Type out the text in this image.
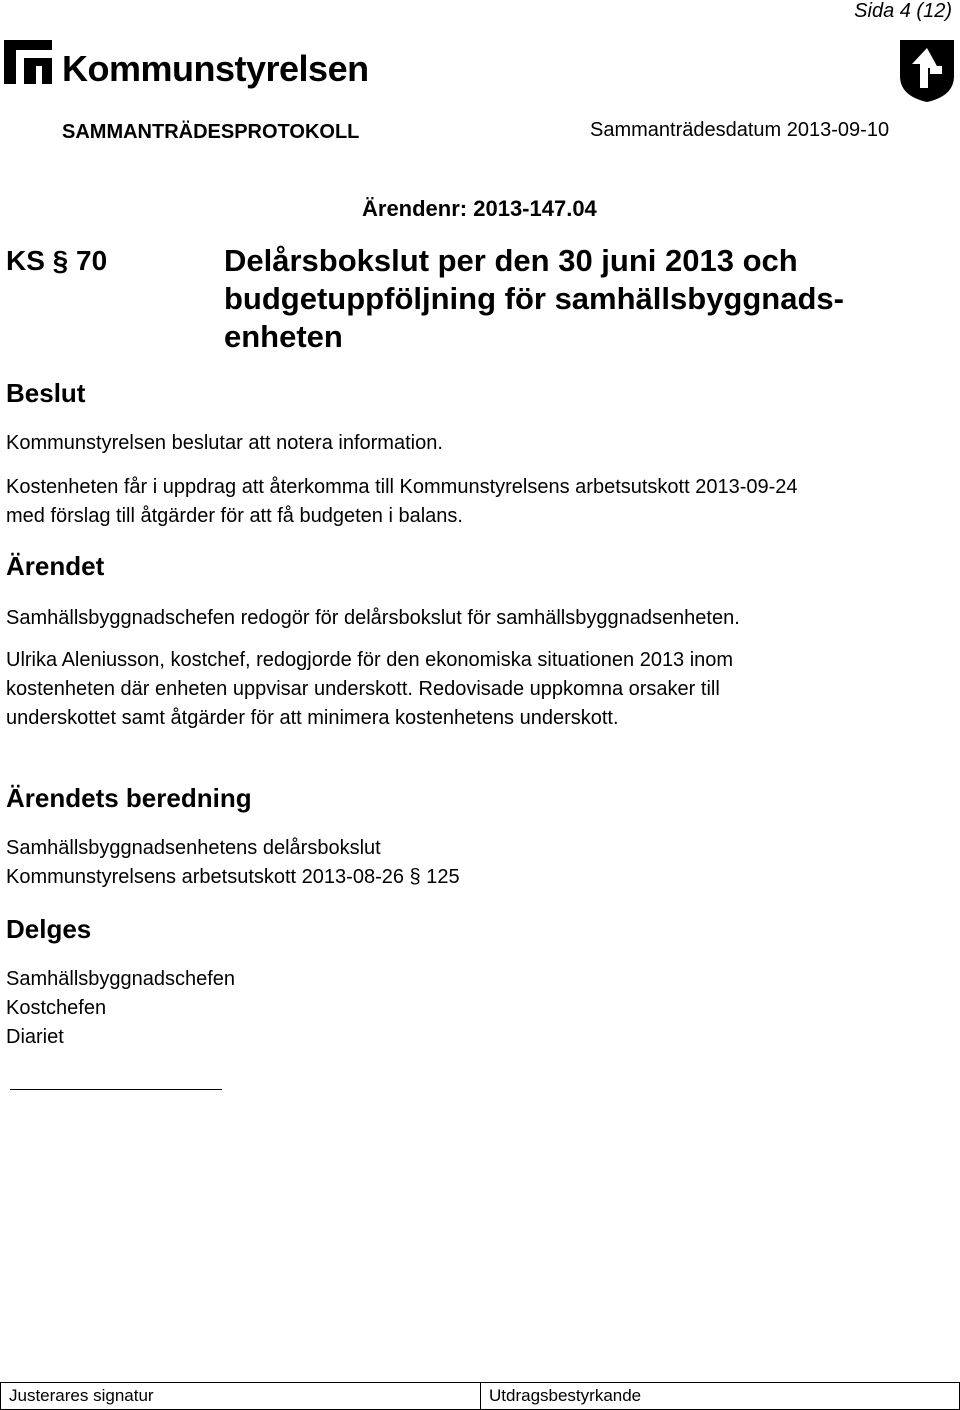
Sida 4 (12)
Kommunstyrelsen
SAMMANTRÄDESPROTOKOLL	Sammanträdesdatum 2013-09-10
Ärendenr: 2013-147.04
KS § 70	Delårsbokslut per den 30 juni 2013 och budgetuppföljning för samhällsbyggnads-enheten
Beslut
Kommunstyrelsen beslutar att notera information.
Kostenheten får i uppdrag att återkomma till Kommunstyrelsens arbetsutskott 2013-09-24
med förslag till åtgärder för att få budgeten i balans.
Ärendet
Samhällsbyggnadschefen redogör för delårsbokslut för samhällsbyggnadsenheten.
Ulrika Aleniusson, kostchef, redogjorde för den ekonomiska situationen 2013 inom
kostenheten där enheten uppvisar underskott. Redovisade uppkomna orsaker till
underskottet samt åtgärder för att minimera kostenhetens underskott.
Ärendets beredning
Samhällsbyggnadsenhetens delårsbokslut
Kommunstyrelsens arbetsutskott 2013-08-26 § 125
Delges
Samhällsbyggnadschefen
Kostchefen
Diariet
Justerares signatur	Utdragsbestyrkande
